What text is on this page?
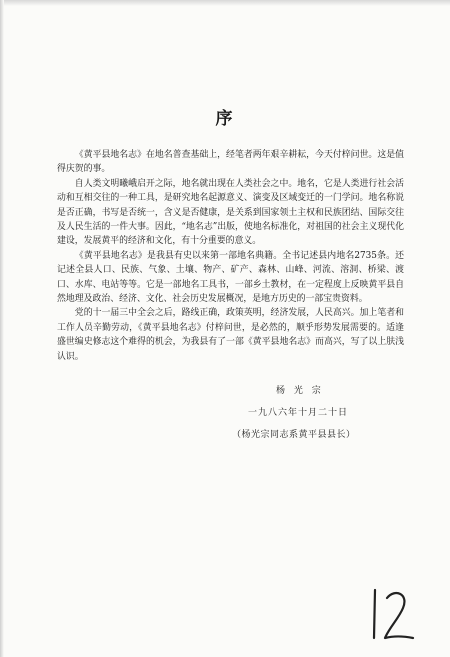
序

《黄平县地名志》在地名普查基础上，经笔者两年艰辛耕耘，今天付梓问世。这是值得庆贺的事。

自人类文明曦峨启开之际，地名就出现在人类社会之中。地名，它是人类进行社会活动和互相交往的一种工具，是研究地名起源意义、演变及区域变迁的一门学问。地名称说是否正确，书写是否统一，含义是否健康，是关系到国家领土主权和民族团结、国际交往及人民生活的一件大事。因此，“地名志”出版，使地名标准化，对祖国的社会主义现代化建设，发展黄平的经济和文化，有十分重要的意义。

《黄平县地名志》是我县有史以来第一部地名典籍。全书记述县内地名2735条。还记述全县人口、民族、气象、土壤、物产、矿产、森林、山峰、河流、溶洞、桥梁、渡口、水库、电站等等。它是一部地名工具书，一部乡土教材，在一定程度上反映黄平县自然地理及政治、经济、文化、社会历史发展概况，是地方历史的一部宝贵资料。

党的十一届三中全会之后，路线正确，政策英明，经济发展，人民高兴。加上笔者和工作人员辛勤劳动，《黄平县地名志》付梓问世，是必然的，顺乎形势发展需要的。适逢盛世编史修志这个难得的机会，为我县有了一部《黄平县地名志》而高兴，写了以上肤浅认识。

杨 光 宗
一九八六年十月二十日
（杨光宗同志系黄平县县长）
